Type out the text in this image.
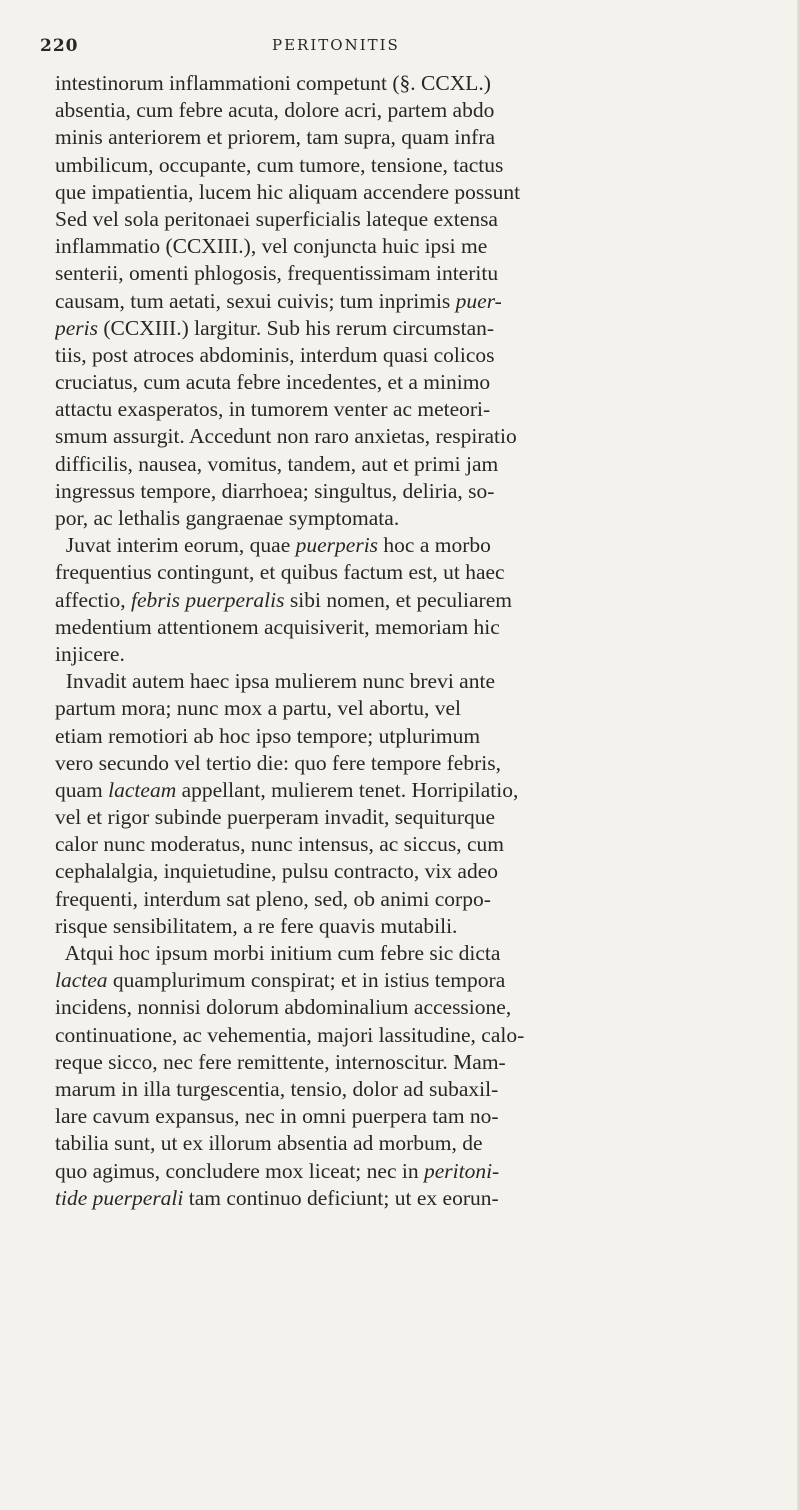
220	PERITONITIS
intestinorum inflammationi competunt (§. CCXL.)
absentia, cum febre acuta, dolore acri, partem abdo
minis anteriorem et priorem, tam supra, quam infra
umbilicum, occupante, cum tumore, tensione, tactus
que impatientia, lucem hic aliquam accendere possunt
Sed vel sola peritonaei superficialis lateque extensa
inflammatio (CCXIII.), vel conjuncta huic ipsi me
senterii, omenti phlogosis, frequentissimam interitu
causam, tum aetati, sexui cuivis; tum inprimis puer-
peris (CCXIII.) largitur. Sub his rerum circumstan-
tiis, post atroces abdominis, interdum quasi colicos
cruciatus, cum acuta febre incedentes, et a minimo
attactu exasperatos, in tumorem venter ac meteori-
smum assurgit. Accedunt non raro anxietas, respiratio
difficilis, nausea, vomitus, tandem, aut et primi jam
ingressus tempore, diarrhoea; singultus, deliria, so-
por, ac lethalis gangraenae symptomata.
Juvat interim eorum, quae puerperis hoc a morbo
frequentius contingunt, et quibus factum est, ut haec
affectio, febris puerperalis sibi nomen, et peculiarem
medentium attentionem acquisiverit, memoriam hic
injicere.
Invadit autem haec ipsa mulierem nunc brevi ante
partum mora; nunc mox a partu, vel abortu, vel
etiam remotiori ab hoc ipso tempore; utplurimum
vero secundo vel tertio die: quo fere tempore febris,
quam lacteam appellant, mulierem tenet. Horripilatio,
vel et rigor subinde puerperam invadit, sequiturque
calor nunc moderatus, nunc intensus, ac siccus, cum
cephalalgia, inquietudine, pulsu contracto, vix adeo
frequenti, interdum sat pleno, sed, ob animi corpo-
risque sensibilitatem, a re fere quavis mutabili.
Atqui hoc ipsum morbi initium cum febre sic dicta
lactea quamplurimum conspirat; et in istius tempora
incidens, nonnisi dolorum abdominalium accessione,
continuatione, ac vehementia, majori lassitudine, calo-
reque sicco, nec fere remittente, internoscitur. Mam-
marum in illa turgescentia, tensio, dolor ad subaxil-
lare cavum expansus, nec in omni puerpera tam no-
tabilia sunt, ut ex illorum absentia ad morbum, de
quo agimus, concludere mox liceat; nec in peritoni-
tide puerperali tam continuo deficiunt; ut ex eorun-
